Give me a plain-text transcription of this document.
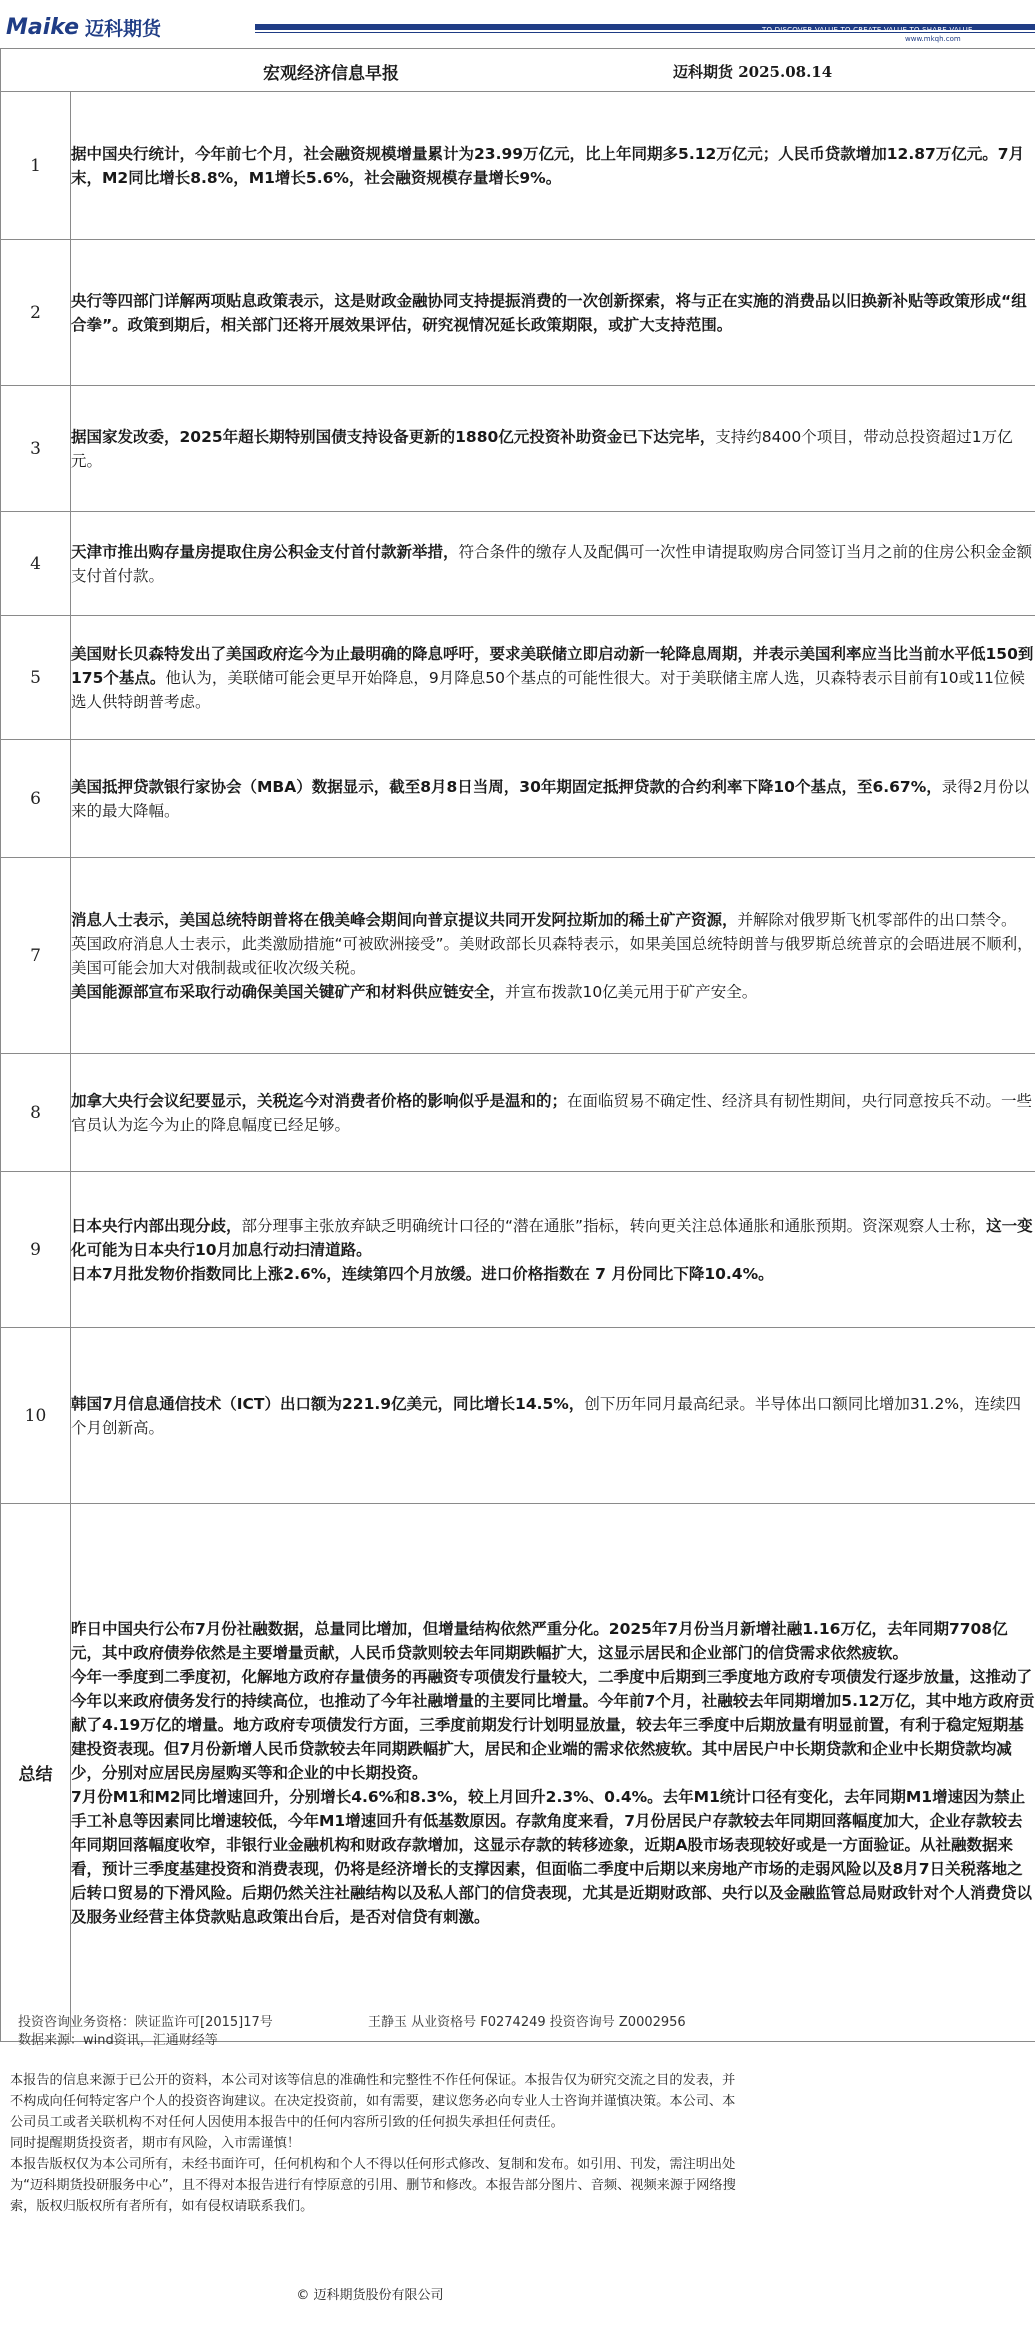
Maike 迈科期货	TO DISCOVER VALUE TO CREATE VALUE TO SHARE VALUE
www.mkqh.com
宏观经济信息早报 迈科期货 2025.08.14	

1	据中国央行统计，今年前七个月，社会融资规模增量累计为23.99万亿元，比上年同期多5.12万亿元；人民币贷款增加12.87万亿元。7月末，M2同比增长8.8%，M1增长5.6%，社会融资规模存量增长9%。

2	央行等四部门详解两项贴息政策表示，这是财政金融协同支持提振消费的一次创新探索，将与正在实施的消费品以旧换新补贴等政策形成“组合拳”。政策到期后，相关部门还将开展效果评估，研究视情况延长政策期限，或扩大支持范围。

3	据国家发改委，2025年超长期特别国债支持设备更新的1880亿元投资补助资金已下达完毕，支持约8400个项目，带动总投资超过1万亿元。

4	天津市推出购存量房提取住房公积金支付首付款新举措，符合条件的缴存人及配偶可一次性申请提取购房合同签订当月之前的住房公积金金额支付首付款。

5	美国财长贝森特发出了美国政府迄今为止最明确的降息呼吁，要求美联储立即启动新一轮降息周期，并表示美国利率应当比当前水平低150到175个基点。他认为，美联储可能会更早开始降息，9月降息50个基点的可能性很大。对于美联储主席人选，贝森特表示目前有10或11位候选人供特朗普考虑。

6	美国抵押贷款银行家协会（MBA）数据显示，截至8月8日当周，30年期固定抵押贷款的合约利率下降10个基点，至6.67%，录得2月份以来的最大降幅。

7	消息人士表示，美国总统特朗普将在俄美峰会期间向普京提议共同开发阿拉斯加的稀土矿产资源，并解除对俄罗斯飞机零部件的出口禁令。 英国政府消息人士表示，此类激励措施“可被欧洲接受”。美财政部长贝森特表示，如果美国总统特朗普与俄罗斯总统普京的会晤进展不顺利，美国可能会加大对俄制裁或征收次级关税。

美国能源部宣布采取行动确保美国关键矿产和材料供应链安全，并宣布拨款10亿美元用于矿产安全。

8	加拿大央行会议纪要显示，关税迄今对消费者价格的影响似乎是温和的；在面临贸易不确定性、经济具有韧性期间，央行同意按兵不动。一些官员认为迄今为止的降息幅度已经足够。

9	日本央行内部出现分歧，部分理事主张放弃缺乏明确统计口径的“潜在通胀”指标，转向更关注总体通胀和通胀预期。资深观察人士称，这一变化可能为日本央行10月加息行动扫清道路。

日本7月批发物价指数同比上涨2.6%，连续第四个月放缓。进口价格指数在 7 月份同比下降10.4%。

10	韩国7月信息通信技术（ICT）出口额为221.9亿美元，同比增长14.5%，创下历年同月最高纪录。半导体出口额同比增加31.2%，连续四个月创新高。

总结	昨日中国央行公布7月份社融数据，总量同比增加，但增量结构依然严重分化。2025年7月份当月新增社融1.16万亿，去年同期7708亿元，其中政府债券依然是主要增量贡献，人民币贷款则较去年同期跌幅扩大，这显示居民和企业部门的信贷需求依然疲软。

今年一季度到二季度初，化解地方政府存量债务的再融资专项债发行量较大，二季度中后期到三季度地方政府专项债发行逐步放量，这推动了今年以来政府债务发行的持续高位，也推动了今年社融增量的主要同比增量。今年前7个月，社融较去年同期增加5.12万亿，其中地方政府贡献了4.19万亿的增量。地方政府专项债发行方面，三季度前期发行计划明显放量，较去年三季度中后期放量有明显前置，有利于稳定短期基建投资表现。但7月份新增人民币贷款较去年同期跌幅扩大，居民和企业端的需求依然疲软。其中居民户中长期贷款和企业中长期贷款均减少，分别对应居民房屋购买等和企业的中长期投资。

7月份M1和M2同比增速回升，分别增长4.6%和8.3%，较上月回升2.3%、0.4%。去年M1统计口径有变化，去年同期M1增速因为禁止手工补息等因素同比增速较低，今年M1增速回升有低基数原因。存款角度来看，7月份居民户存款较去年同期回落幅度加大，企业存款较去年同期回落幅度收窄，非银行业金融机构和财政存款增加，这显示存款的转移迹象，近期A股市场表现较好或是一方面验证。从社融数据来看，预计三季度基建投资和消费表现，仍将是经济增长的支撑因素，但面临二季度中后期以来房地产市场的走弱风险以及8月7日关税落地之后转口贸易的下滑风险。后期仍然关注社融结构以及私人部门的信贷表现，尤其是近期财政部、央行以及金融监管总局财政针对个人消费贷以及服务业经营主体贷款贴息政策出台后，是否对信贷有刺激。

投资咨询业务资格：陕证监许可[2015]17号	王静玉 从业资格号 F0274249 投资咨询号 Z0002956
数据来源：wind资讯，汇通财经等

本报告的信息来源于已公开的资料，本公司对该等信息的准确性和完整性不作任何保证。本报告仅为研究交流之目的发表，并不构成向任何特定客户个人的投资咨询建议。在决定投资前，如有需要，建议您务必向专业人士咨询并谨慎决策。本公司、本公司员工或者关联机构不对任何人因使用本报告中的任何内容所引致的任何损失承担任何责任。

同时提醒期货投资者，期市有风险，入市需谨慎！

本报告版权仅为本公司所有，未经书面许可，任何机构和个人不得以任何形式修改、复制和发布。如引用、刊发，需注明出处为“迈科期货投研服务中心”，且不得对本报告进行有悖原意的引用、删节和修改。本报告部分图片、音频、视频来源于网络搜索，版权归版权所有者所有，如有侵权请联系我们。

© 迈科期货股份有限公司
